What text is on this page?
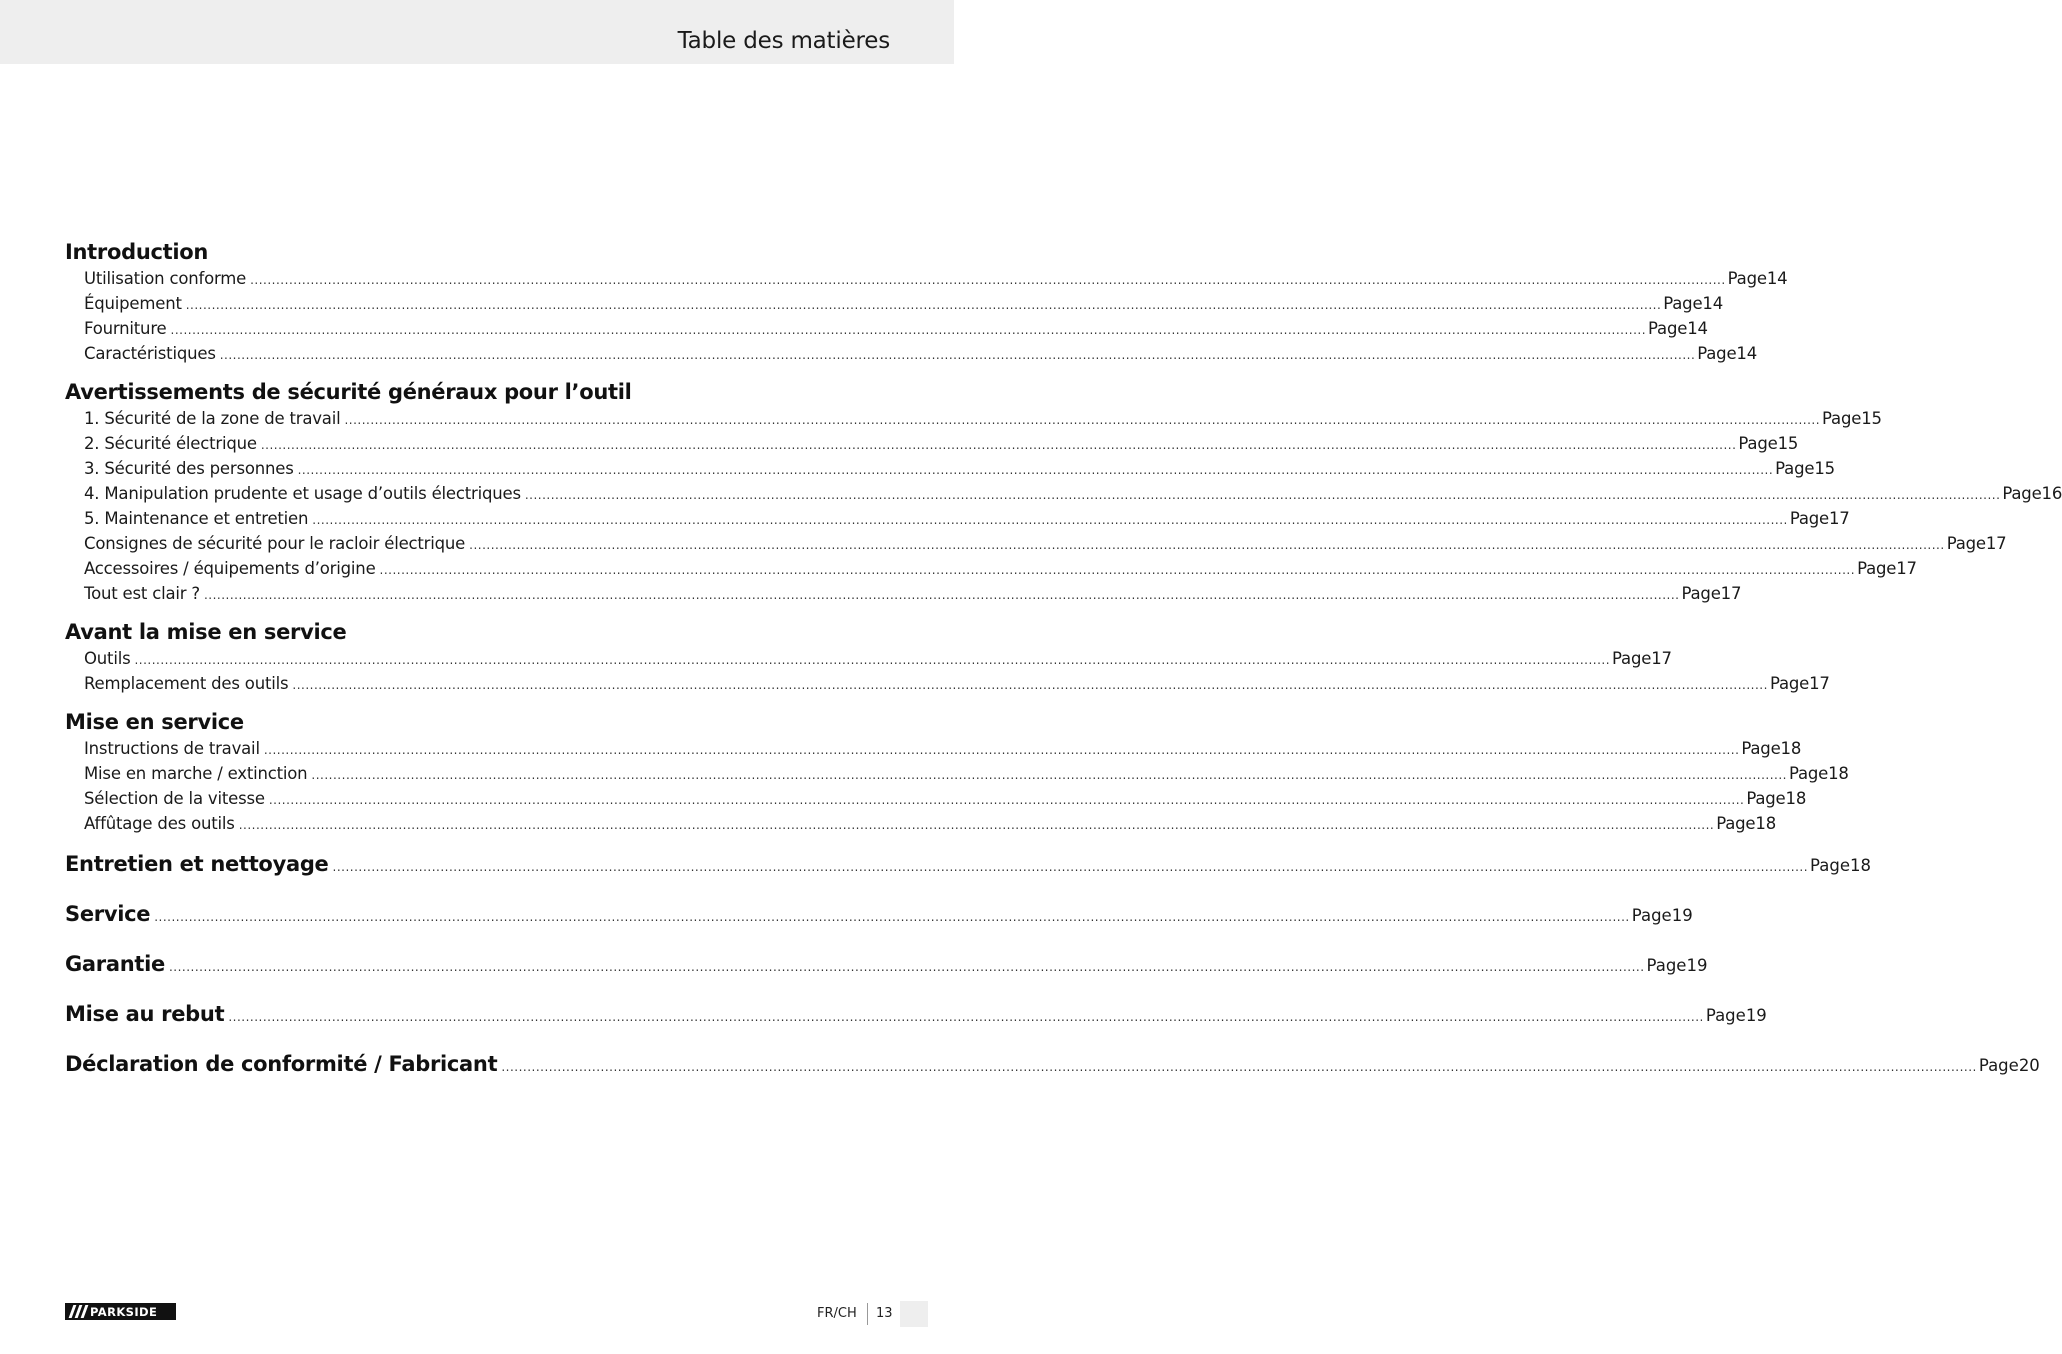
Table des matières
Introduction
Utilisation conforme ...................................................................................................................................................................................................................................................................................................................................................... Page 14
Équipement ...................................................................................................................................................................................................................................................................................................................................................... Page 14
Fourniture ...................................................................................................................................................................................................................................................................................................................................................... Page 14
Caractéristiques ...................................................................................................................................................................................................................................................................................................................................................... Page 14
Avertissements de sécurité généraux pour l’outil
1. Sécurité de la zone de travail ...................................................................................................................................................................................................................................................................................................................................................... Page 15
2. Sécurité électrique ...................................................................................................................................................................................................................................................................................................................................................... Page 15
3. Sécurité des personnes ...................................................................................................................................................................................................................................................................................................................................................... Page 15
4. Manipulation prudente et usage d’outils électriques ...................................................................................................................................................................................................................................................................................................................................................... Page 16
5. Maintenance et entretien ...................................................................................................................................................................................................................................................................................................................................................... Page 17
Consignes de sécurité pour le racloir électrique ...................................................................................................................................................................................................................................................................................................................................................... Page 17
Accessoires / équipements d’origine ...................................................................................................................................................................................................................................................................................................................................................... Page 17
Tout est clair ? ...................................................................................................................................................................................................................................................................................................................................................... Page 17
Avant la mise en service
Outils ...................................................................................................................................................................................................................................................................................................................................................... Page 17
Remplacement des outils ...................................................................................................................................................................................................................................................................................................................................................... Page 17
Mise en service
Instructions de travail ...................................................................................................................................................................................................................................................................................................................................................... Page 18
Mise en marche / extinction ...................................................................................................................................................................................................................................................................................................................................................... Page 18
Sélection de la vitesse ...................................................................................................................................................................................................................................................................................................................................................... Page 18
Affûtage des outils ...................................................................................................................................................................................................................................................................................................................................................... Page 18
Entretien et nettoyage ...................................................................................................................................................................................................................................................................................................................................................... Page 18
Service ...................................................................................................................................................................................................................................................................................................................................................... Page 19
Garantie ...................................................................................................................................................................................................................................................................................................................................................... Page 19
Mise au rebut ...................................................................................................................................................................................................................................................................................................................................................... Page 19
Déclaration de conformité / Fabricant ...................................................................................................................................................................................................................................................................................................................................................... Page 20
PARKSIDE	FR/CH 13
